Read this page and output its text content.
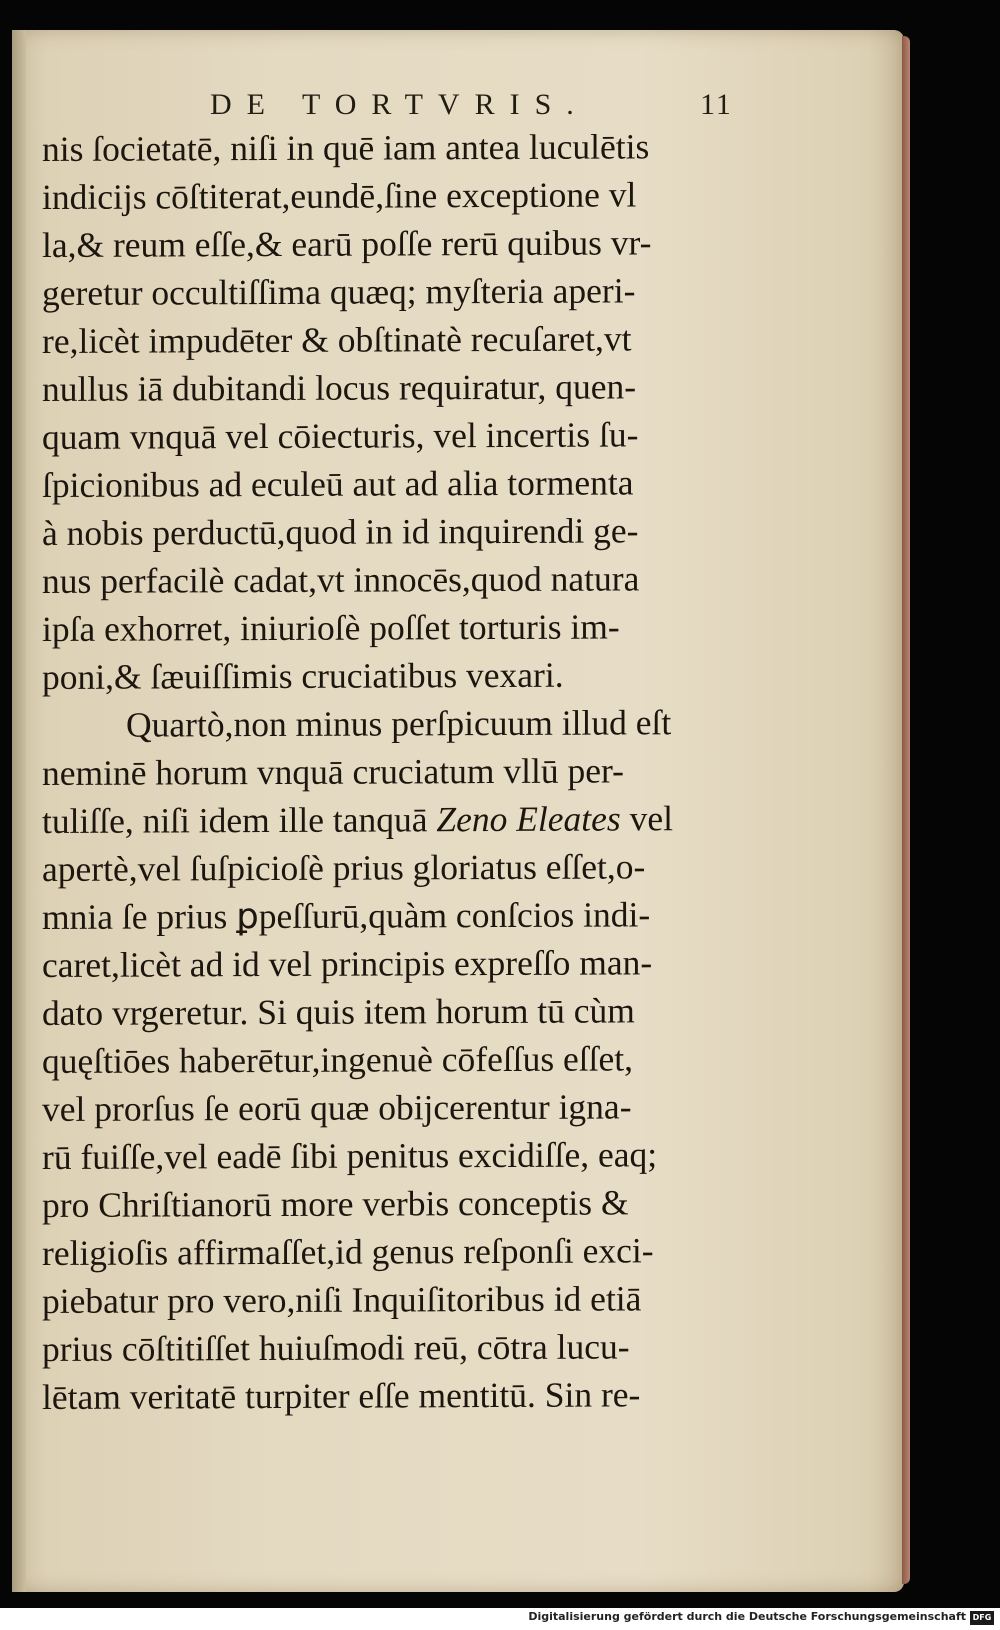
DE TORTVRIS.	11
nis ſocietatē, niſi in quē iam antea luculētis
indicijs cōſtiterat,eundē,ſine exceptione vl
la,& reum eſſe,& earū poſſe rerū quibus vr-
geretur occultiſſima quæq; myſteria aperi-
re,licèt impudēter & obſtinatè recuſaret,vt
nullus iā dubitandi locus requiratur, quen-
quam vnquā vel cōiecturis, vel incertis ſu-
ſpicionibus ad eculeū aut ad alia tormenta
à nobis perductū,quod in id inquirendi ge-
nus perfacilè cadat,vt innocēs,quod natura
ipſa exhorret, iniurioſè poſſet torturis im-
poni,& ſæuiſſimis cruciatibus vexari.
Quartò,non minus perſpicuum illud eſt
neminē horum vnquā cruciatum vllū per-
tuliſſe, niſi idem ille tanquā Zeno Eleates vel
apertè,vel ſuſpicioſè prius gloriatus eſſet,o-
mnia ſe prius ꝑpeſſurū,quàm conſcios indi-
caret,licèt ad id vel principis expreſſo man-
dato vrgeretur. Si quis item horum tū cùm
quęſtiōes haberētur,ingenuè cōfeſſus eſſet,
vel prorſus ſe eorū quæ obijcerentur igna-
rū fuiſſe,vel eadē ſibi penitus excidiſſe, eaq;
pro Chriſtianorū more verbis conceptis &
religioſis affirmaſſet,id genus reſponſi exci-
piebatur pro vero,niſi Inquiſitoribus id etiā
prius cōſtitiſſet huiuſmodi reū, cōtra lucu-
lētam veritatē turpiter eſſe mentitū. Sin re-
Digitalisierung gefördert durch die Deutsche Forschungsgemeinschaft DFG
